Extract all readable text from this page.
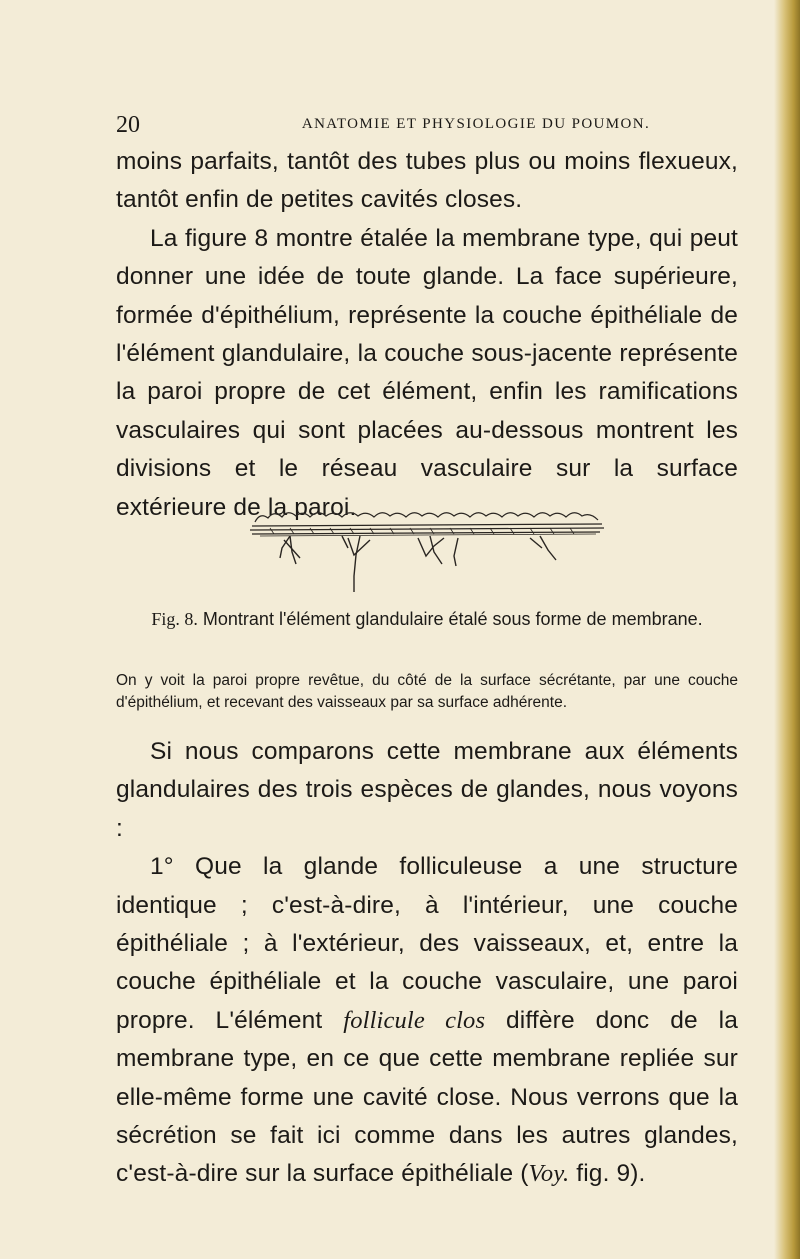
20	ANATOMIE ET PHYSIOLOGIE DU POUMON.

moins parfaits, tantôt des tubes plus ou moins flexueux, tantôt enfin de petites cavités closes.

La figure 8 montre étalée la membrane type, qui peut donner une idée de toute glande. La face supérieure, formée d'épithélium, représente la couche épithéliale de l'élément glandulaire, la couche sous-jacente représente la paroi propre de cet élément, enfin les ramifications vasculaires qui sont placées au-dessous montrent les divisions et le réseau vasculaire sur la surface extérieure de la paroi.

Fig. 8. Montrant l'élément glandulaire étalé sous forme de membrane.

On y voit la paroi propre revêtue, du côté de la surface sécrétante, par une couche d'épithélium, et recevant des vaisseaux par sa surface adhérente.

Si nous comparons cette membrane aux éléments glandulaires des trois espèces de glandes, nous voyons :

1° Que la glande folliculeuse a une structure identique ; c'est-à-dire, à l'intérieur, une couche épithéliale ; à l'extérieur, des vaisseaux, et, entre la couche épithéliale et la couche vasculaire, une paroi propre. L'élément follicule clos diffère donc de la membrane type, en ce que cette membrane repliée sur elle-même forme une cavité close. Nous verrons que la sécrétion se fait ici comme dans les autres glandes, c'est-à-dire sur la surface épithéliale (Voy. fig. 9).
